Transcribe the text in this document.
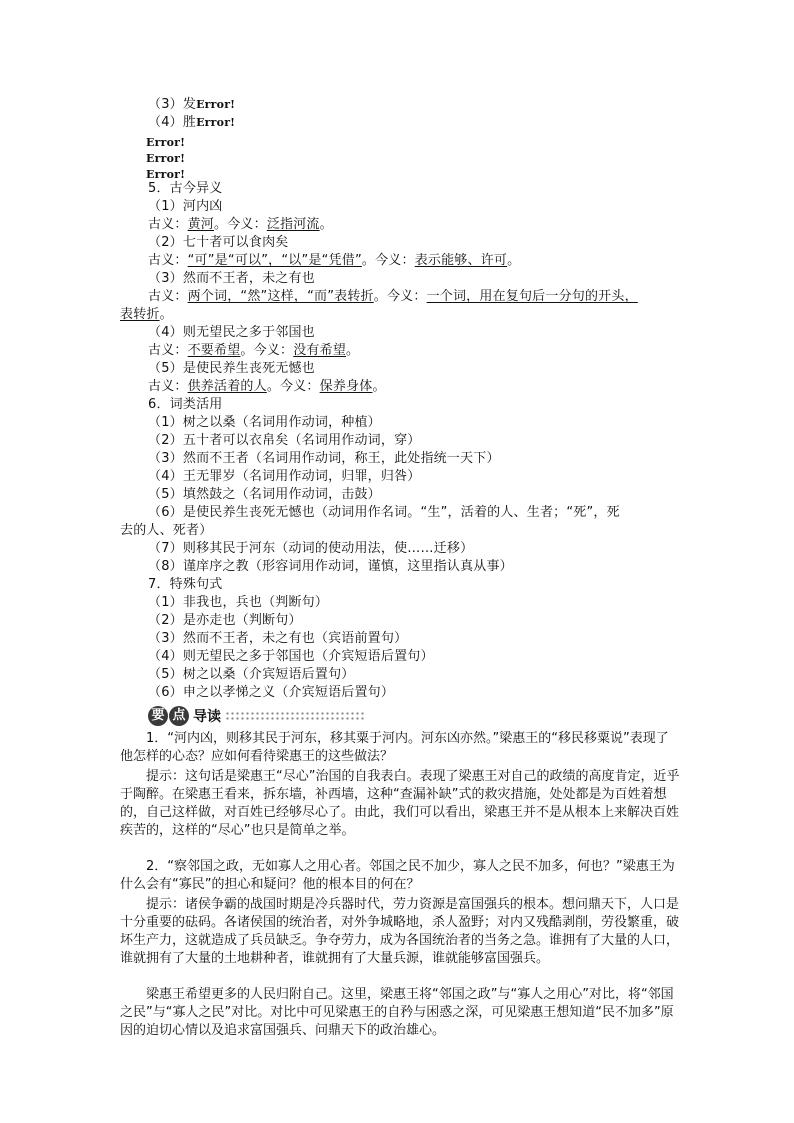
（3）发Error!
（4）胜Error!
Error!
Error!
Error!
5．古今异义
（1）河内凶
古义：黄河。今义：泛指河流。
（2）七十者可以食肉矣
古义：“可”是“可以”，“以”是“凭借”。今义：表示能够、许可。
（3）然而不王者，未之有也
古义：两个词，“然”这样，“而”表转折。今义：一个词，用在复句后一分句的开头，
表转折。
（4）则无望民之多于邻国也
古义：不要希望。今义：没有希望。
（5）是使民养生丧死无憾也
古义：供养活着的人。今义：保养身体。
6．词类活用
（1）树之以桑（名词用作动词，种植）
（2）五十者可以衣帛矣（名词用作动词，穿）
（3）然而不王者（名词用作动词，称王，此处指统一天下）
（4）王无罪岁（名词用作动词，归罪，归咎）
（5）填然鼓之（名词用作动词，击鼓）
（6）是使民养生丧死无憾也（动词用作名词。“生”，活着的人、生者；“死”，死
去的人、死者）
（7）则移其民于河东（动词的使动用法，使……迁移）
（8）谨庠序之教（形容词用作动词，谨慎，这里指认真从事）
7．特殊句式
（1）非我也，兵也（判断句）
（2）是亦走也（判断句）
（3）然而不王者，未之有也（宾语前置句）
（4）则无望民之多于邻国也（介宾短语后置句）
（5）树之以桑（介宾短语后置句）
（6）申之以孝悌之义（介宾短语后置句）
要 点 导读
　　1．“河内凶，则移其民于河东，移其粟于河内。河东凶亦然。”梁惠王的“移民移粟说”表现了他怎样的心态？应如何看待梁惠王的这些做法？
　　提示：这句话是梁惠王“尽心”治国的自我表白。表现了梁惠王对自己的政绩的高度肯定，近乎于陶醉。在梁惠王看来，拆东墙，补西墙，这种“查漏补缺”式的救灾措施，处处都是为百姓着想的，自己这样做，对百姓已经够尽心了。由此，我们可以看出，梁惠王并不是从根本上来解决百姓疾苦的，这样的“尽心”也只是简单之举。
　　2．“察邻国之政，无如寡人之用心者。邻国之民不加少，寡人之民不加多，何也？”梁惠王为什么会有“寡民”的担心和疑问？他的根本目的何在？
　　提示：诸侯争霸的战国时期是冷兵器时代，劳力资源是富国强兵的根本。想问鼎天下，人口是十分重要的砝码。各诸侯国的统治者，对外争城略地，杀人盈野；对内又残酷剥削，劳役繁重，破坏生产力，这就造成了兵员缺乏。争夺劳力，成为各国统治者的当务之急。谁拥有了大量的人口，谁就拥有了大量的土地耕种者，谁就拥有了大量兵源，谁就能够富国强兵。
　　梁惠王希望更多的人民归附自己。这里，梁惠王将“邻国之政”与“寡人之用心”对比，将“邻国之民”与“寡人之民”对比。对比中可见梁惠王的自矜与困惑之深，可见梁惠王想知道“民不加多”原因的迫切心情以及追求富国强兵、问鼎天下的政治雄心。
